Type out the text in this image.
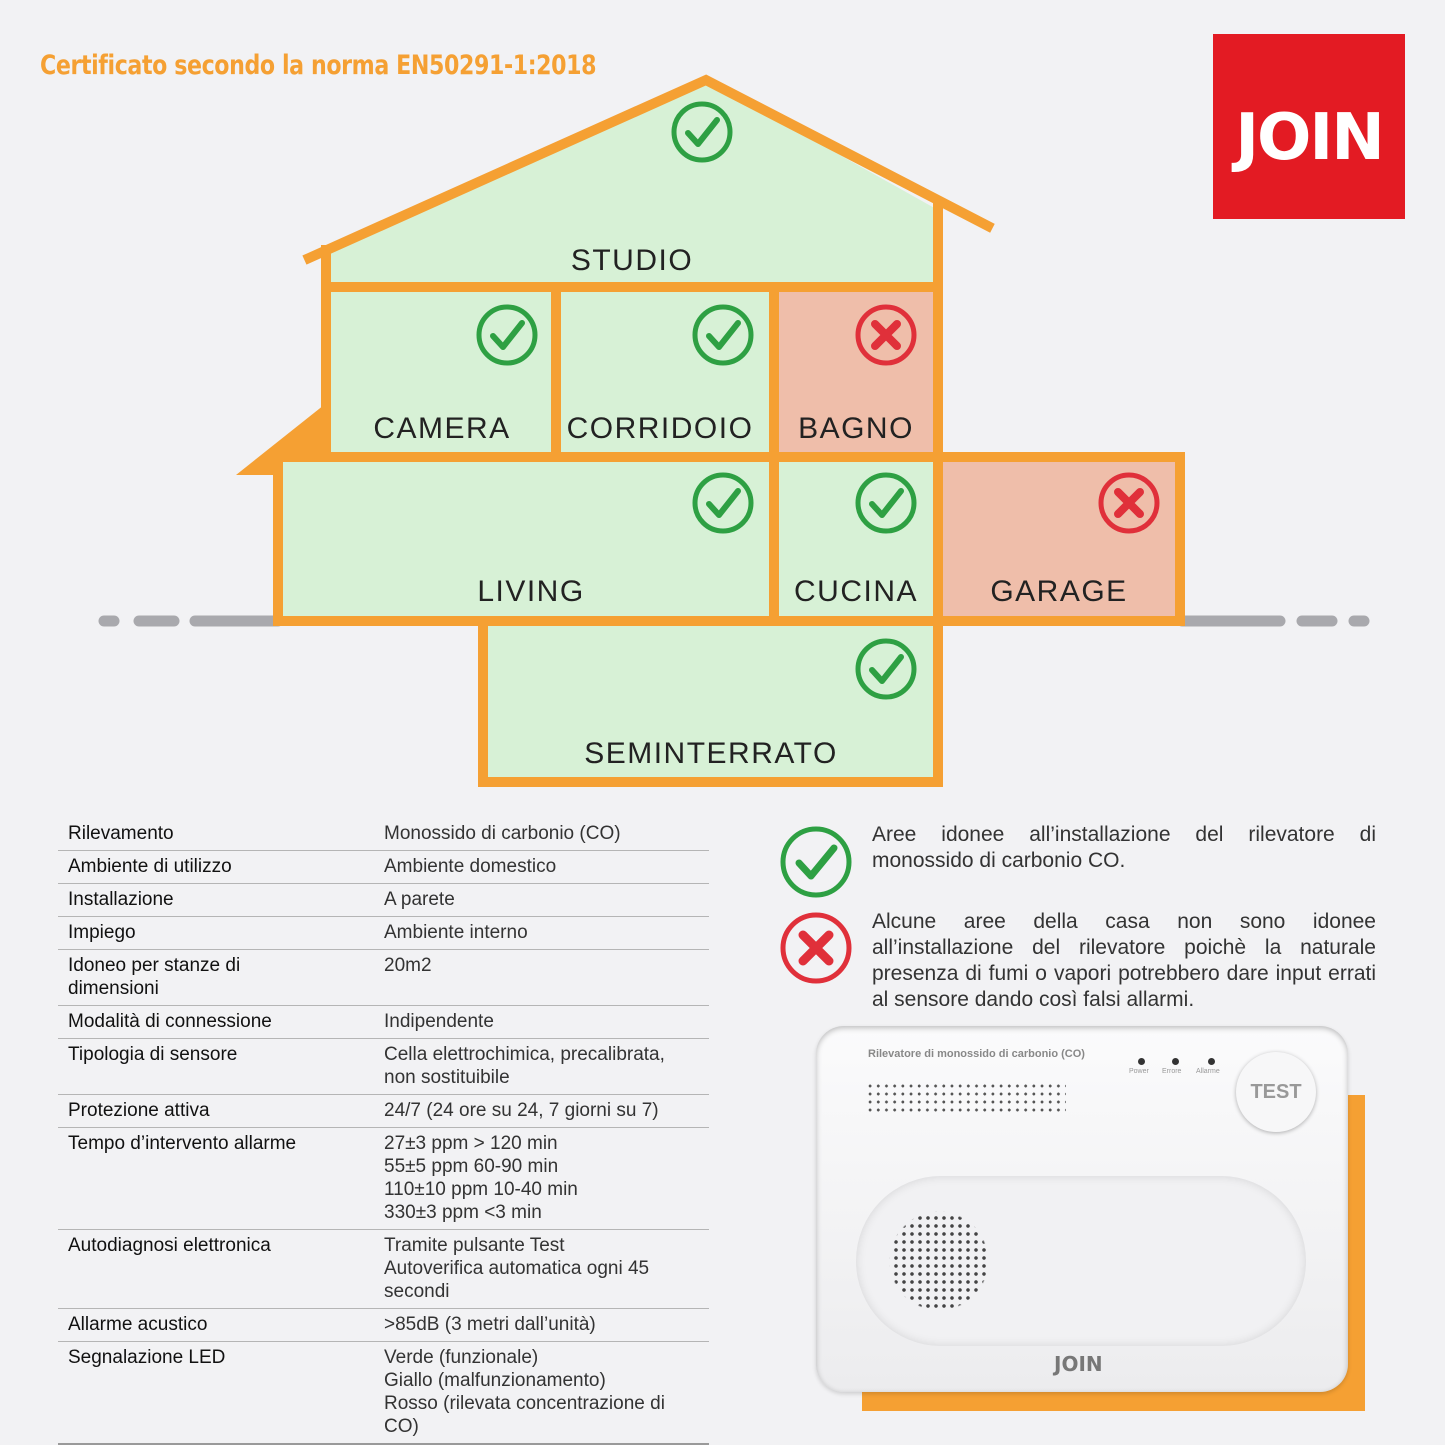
Certificato secondo la norma EN50291-1:2018
JOIN
STUDIO
CAMERA CORRIDOIO BAGNO
LIVING	CUCINA GARAGE
SEMINTERRATO
Rilevamento	Monossido di carbonio (CO)
Ambiente di utilizzo	Ambiente domestico
Installazione	A parete
Impiego	Ambiente interno
Idoneo per stanze di dimensioni	20m2
Modalità di connessione	Indipendente
Tipologia di sensore	Cella elettrochimica, precalibrata, non sostituibile
Protezione attiva	24/7 (24 ore su 24, 7 giorni su 7)
Tempo d’intervento allarme	27±3 ppm > 120 min
55±5 ppm 60-90 min
110±10 ppm 10-40 min
330±3 ppm <3 min
Autodiagnosi elettronica	Tramite pulsante Test
Autoverifica automatica ogni 45 secondi
Allarme acustico	>85dB (3 metri dall’unità)
Segnalazione LED	Verde (funzionale)
Giallo (malfunzionamento)
Rosso (rilevata concentrazione di CO)
Aree idonee all’installazione del rilevatore di monossido di carbonio CO.
Alcune aree della casa non sono idonee all’installazione del rilevatore poichè la naturale presenza di fumi o vapori potrebbero dare input errati al sensore dando così falsi allarmi.
Rilevatore di monossido di carbonio (CO)
Power Errore Allarme
TEST
JOIN
